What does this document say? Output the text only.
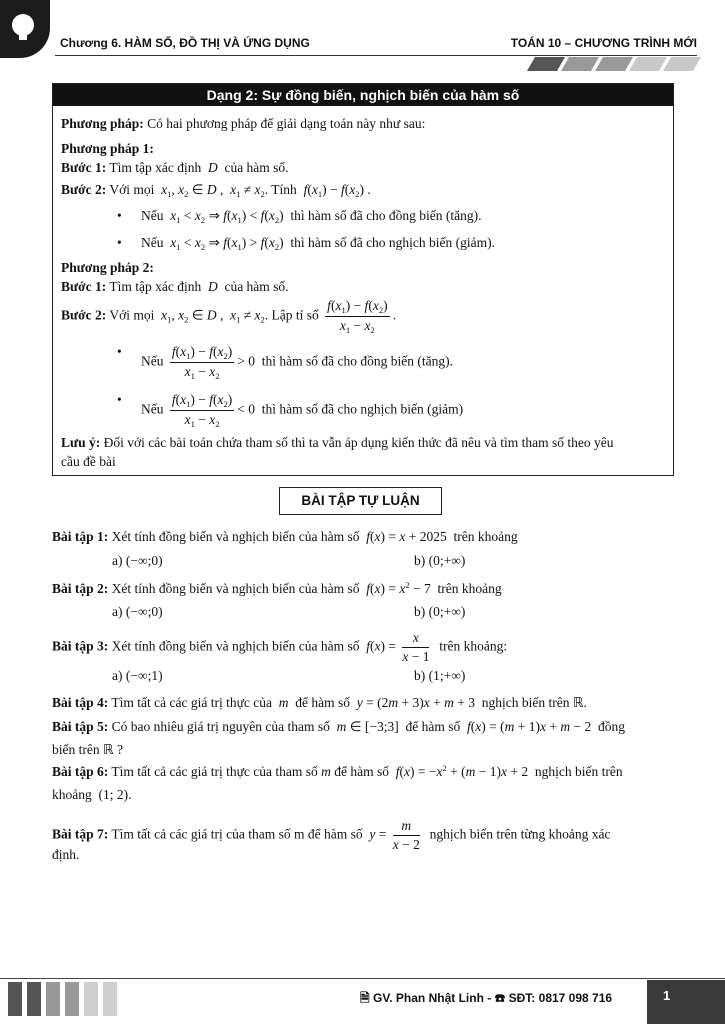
Chương 6. HÀM SỐ, ĐỒ THỊ VÀ ỨNG DỤNG	TOÁN 10 – CHƯƠNG TRÌNH MỚI
Dạng 2: Sự đồng biến, nghịch biến của hàm số
Phương pháp: Có hai phương pháp để giải dạng toán này như sau:
Phương pháp 1:
Bước 1: Tìm tập xác định D của hàm số.
Bước 2: Với mọi $x_1$, $x_2$ ∈ D ,  $x_1 \ne x_2$. Tính $f(x_1) - f(x_2)$ .
• Nếu $x_1 < x_2$ ⇒ $f(x_1) < f(x_2)$  thì hàm số đã cho đồng biến (tăng).
• Nếu $x_1 < x_2$ ⇒ $f(x_1) > f(x_2)$  thì hàm số đã cho nghịch biến (giảm).
Phương pháp 2:
Bước 1: Tìm tập xác định D của hàm số.
Bước 2: Với mọi $x_1$, $x_2$ ∈ D ,  $x_1 \ne x_2$. Lập tỉ số $\frac{f(x_1) - f(x_2)}{x_1 - x_2}$ .
• Nếu $\frac{f(x_1) - f(x_2)}{x_1 - x_2} > 0$  thì hàm số đã cho đồng biến (tăng).
• Nếu $\frac{f(x_1) - f(x_2)}{x_1 - x_2} < 0$  thì hàm số đã cho nghịch biến (giảm)
Lưu ý: Đối với các bài toán chứa tham số thì ta vẫn áp dụng kiến thức đã nêu và tìm tham số theo yêu
cầu đề bài
BÀI TẬP TỰ LUẬN
Bài tập 1: Xét tính đồng biến và nghịch biến của hàm số f(x) = x + 2025  trên khoảng
a) (−∞;0)	b) (0;+∞)
Bài tập 2: Xét tính đồng biến và nghịch biến của hàm số $f(x) = x^2 - 7$  trên khoảng
a) (−∞;0)	b) (0;+∞)
Bài tập 3: Xét tính đồng biến và nghịch biến của hàm số $f(x) = \frac{x}{x - 1}$ trên khoảng:
a) (−∞;1)	b) (1;+∞)
Bài tập 4: Tìm tất cả các giá trị thực của m để hàm số y = (2m + 3)x + m + 3  nghịch biến trên ℝ.
Bài tập 5: Có bao nhiêu giá trị nguyên của tham số m ∈ [−3;3]  để hàm số f(x) = (m + 1)x + m − 2  đồng
biến trên ℝ ?
Bài tập 6: Tìm tất cả các giá trị thực của tham số m để hàm số $f(x) = -x^2 + (m - 1)x + 2$  nghịch biến trên
khoảng  (1; 2).
Bài tập 7: Tìm tất cả các giá trị của tham số m để hàm số $y = \frac{m}{x - 2}$ nghịch biến trên từng khoảng xác
định.
🗎 GV. Phan Nhật Linh - ☎ SĐT: 0817 098 716	1
